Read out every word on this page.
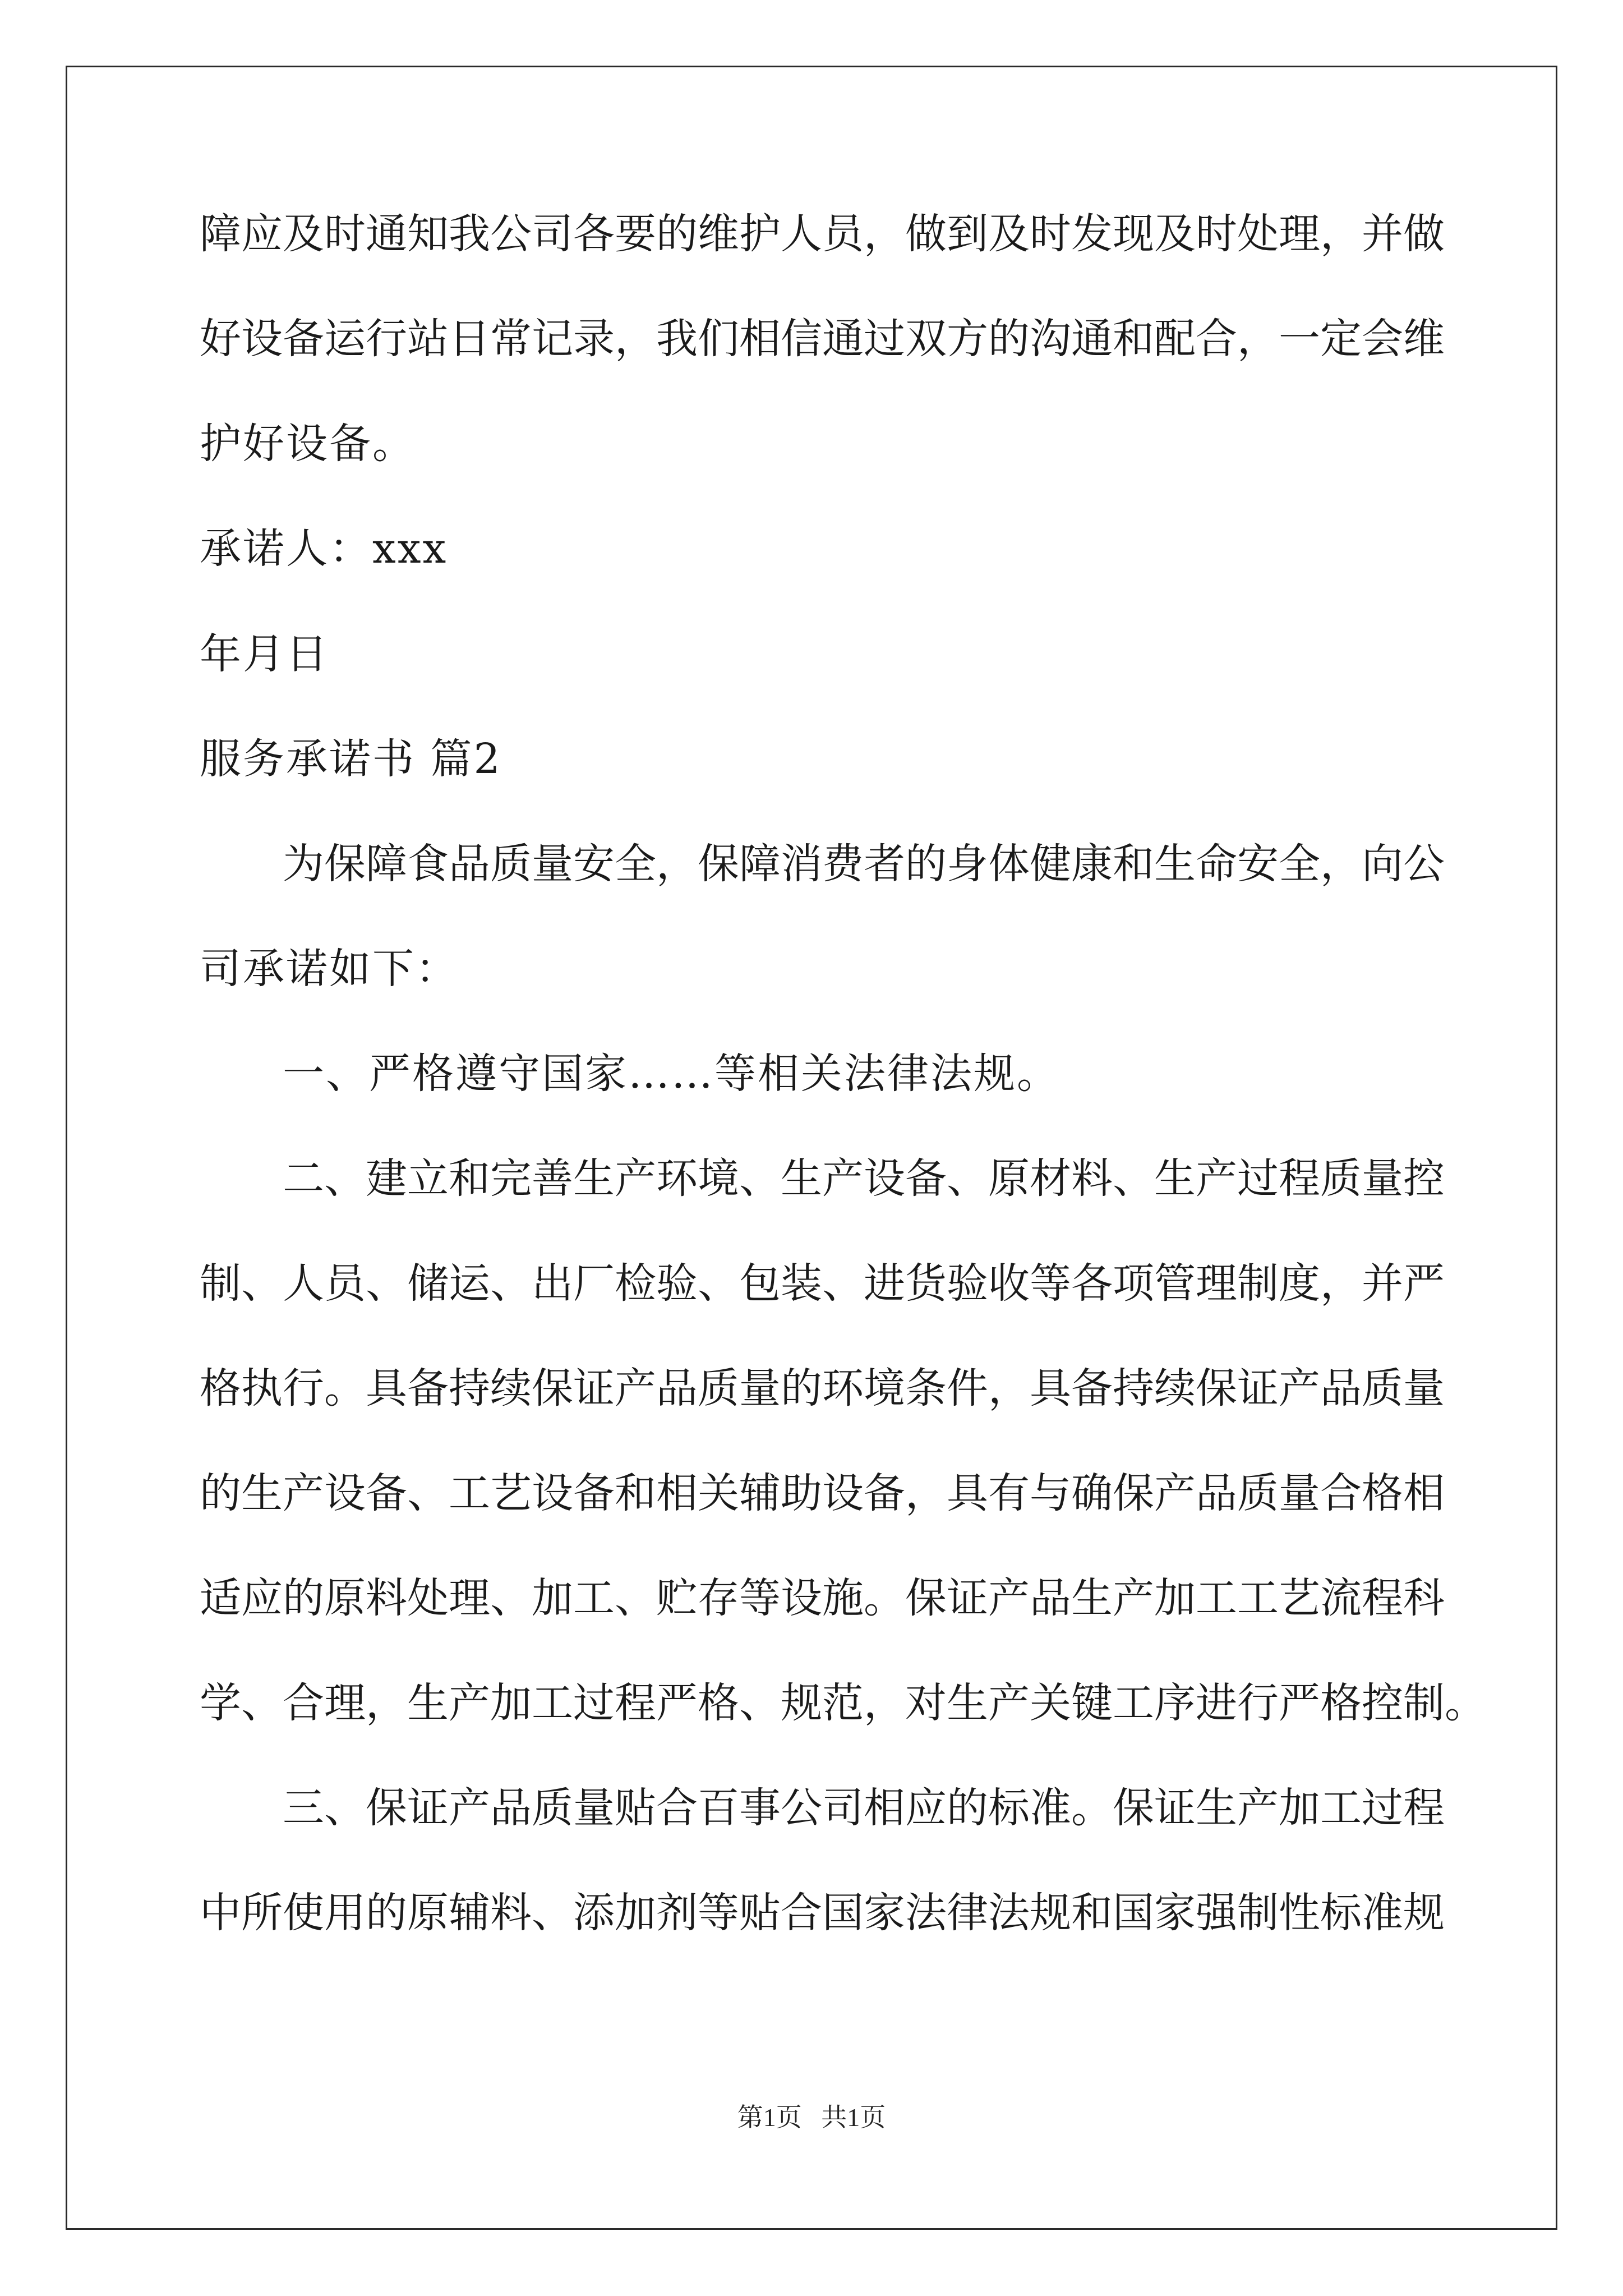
障应及时通知我公司各要的维护人员，做到及时发现及时处理，并做
好设备运行站日常记录，我们相信通过双方的沟通和配合，一定会维
护好设备。
承诺人：xxx
年月日
服务承诺书 篇2
为保障食品质量安全，保障消费者的身体健康和生命安全，向公
司承诺如下：
一、严格遵守国家……等相关法律法规。
二、建立和完善生产环境、生产设备、原材料、生产过程质量控
制、人员、储运、出厂检验、包装、进货验收等各项管理制度，并严
格执行。具备持续保证产品质量的环境条件，具备持续保证产品质量
的生产设备、工艺设备和相关辅助设备，具有与确保产品质量合格相
适应的原料处理、加工、贮存等设施。保证产品生产加工工艺流程科
学、合理，生产加工过程严格、规范，对生产关键工序进行严格控制。
三、保证产品质量贴合百事公司相应的标准。保证生产加工过程
中所使用的原辅料、添加剂等贴合国家法律法规和国家强制性标准规
第1页   共1页
